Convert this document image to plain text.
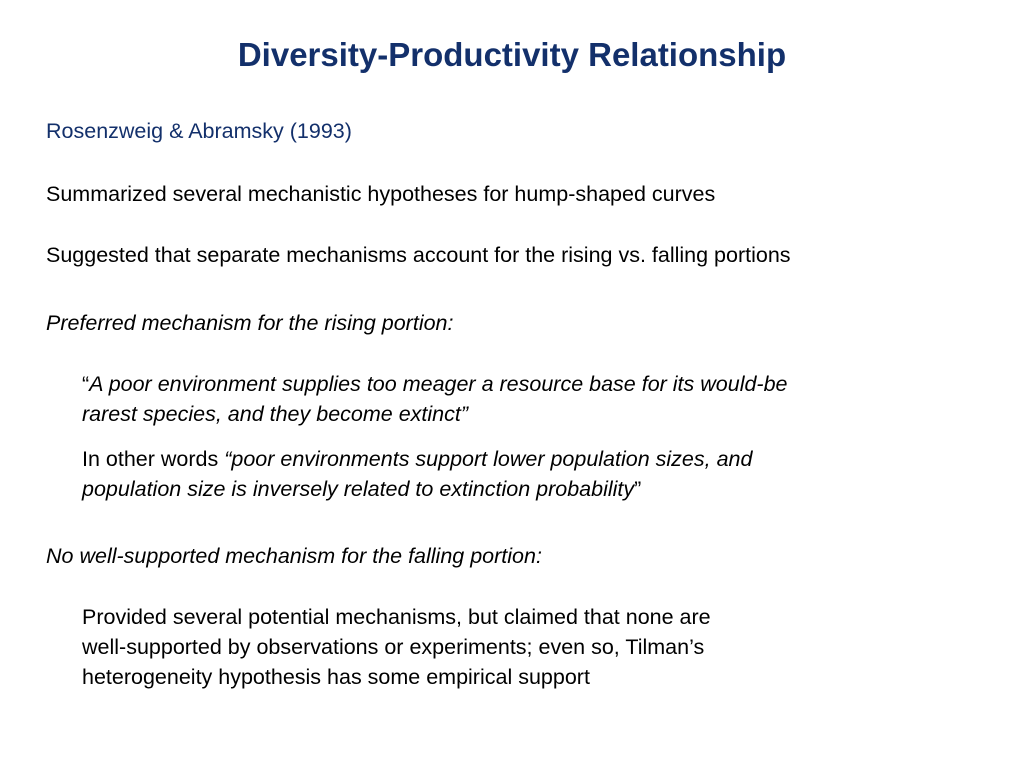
Diversity-Productivity Relationship

Rosenzweig & Abramsky (1993)

Summarized several mechanistic hypotheses for hump-shaped curves

Suggested that separate mechanisms account for the rising vs. falling portions

Preferred mechanism for the rising portion:

“A poor environment supplies too meager a resource base for its would-be
rarest species, and they become extinct”
In other words “poor environments support lower population sizes, and
population size is inversely related to extinction probability”

No well-supported mechanism for the falling portion:

Provided several potential mechanisms, but claimed that none are
well-supported by observations or experiments; even so, Tilman’s
heterogeneity hypothesis has some empirical support
